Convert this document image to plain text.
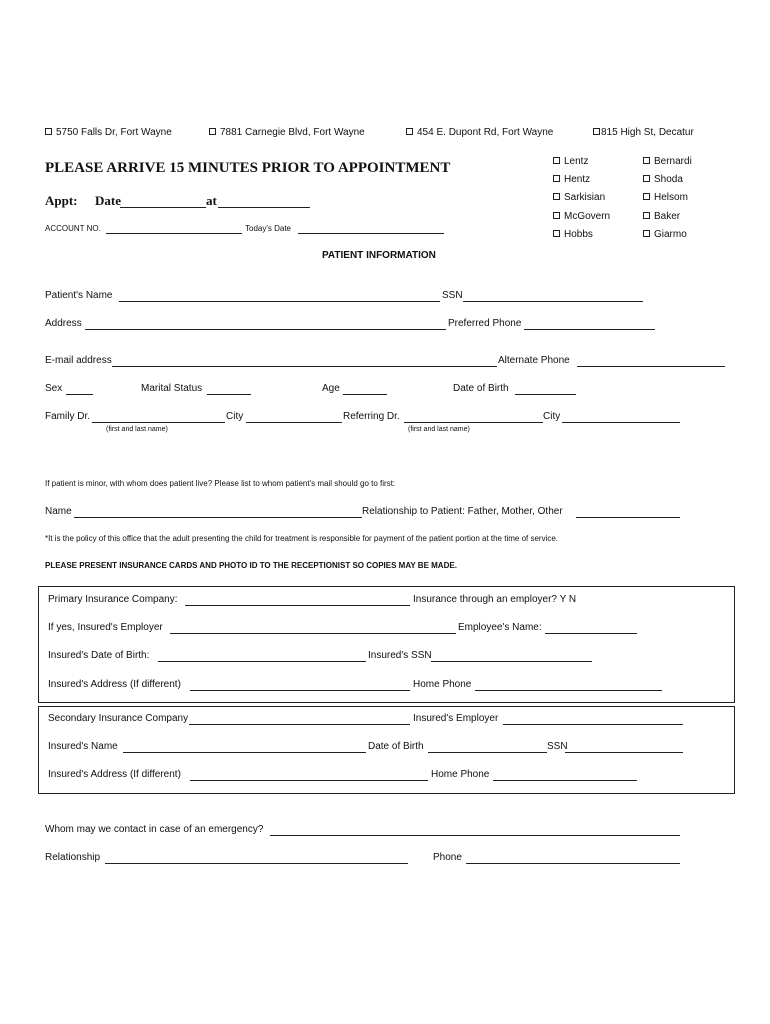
5750 Falls Dr, Fort Wayne	7881 Carnegie Blvd, Fort Wayne	454 E. Dupont Rd, Fort Wayne	815 High St, Decatur
PLEASE ARRIVE 15 MINUTES PRIOR TO APPOINTMENT
Appt: Date	at
Lentz	Bernardi
Hentz	Shoda
Sarkisian	Helsom
McGovern	Baker
Hobbs	Giarmo
ACCOUNT NO.	Today's Date
PATIENT INFORMATION
Patient's Name	SSN
Address	Preferred Phone
E-mail address	Alternate Phone
Sex	Marital Status	Age	Date of Birth
Family Dr.	City	Referring Dr.	City
(first and last name)	(first and last name)
If patient is minor, with whom does patient live? Please list to whom patient's mail should go to first:
Name	Relationship to Patient: Father, Mother, Other
*It is the policy of this office that the adult presenting the child for treatment is responsible for payment of the patient portion at the time of service.
PLEASE PRESENT INSURANCE CARDS AND PHOTO ID TO THE RECEPTIONIST SO COPIES MAY BE MADE.
Primary Insurance Company:	Insurance through an employer? Y N
If yes, Insured's Employer	Employee's Name:
Insured's Date of Birth:	Insured's SSN
Insured's Address (If different)	Home Phone
Secondary Insurance Company	Insured's Employer
Insured's Name	Date of Birth	SSN
Insured's Address (If different)	Home Phone
Whom may we contact in case of an emergency?
Relationship	Phone
